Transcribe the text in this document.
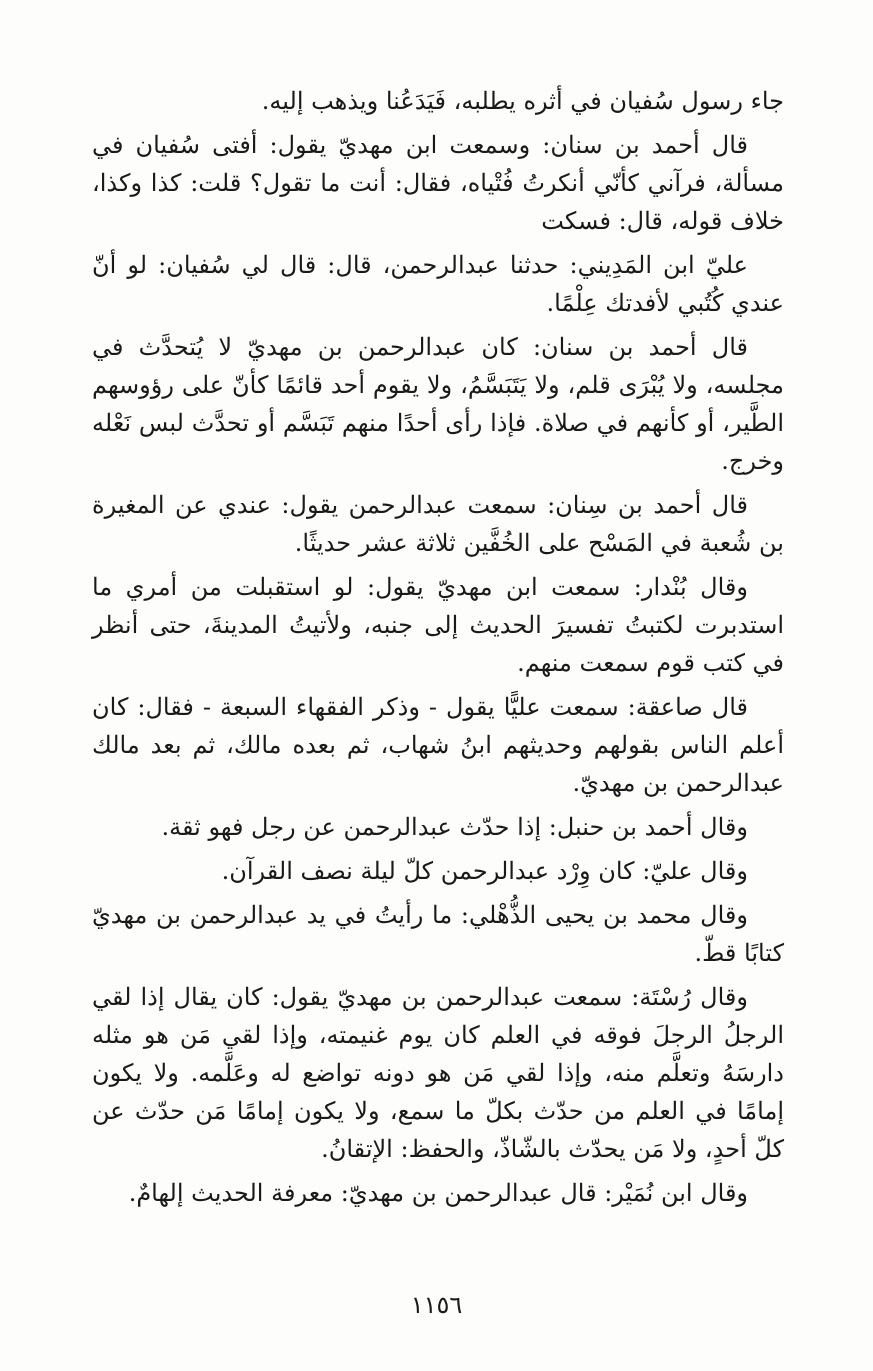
جاء رسول سُفيان في أثره يطلبه، فَيَدَعُنا ويذهب إليه.

قال أحمد بن سنان: وسمعت ابن مهديّ يقول: أفتى سُفيان في مسألة، فرآني كأنّي أنكرتُ فُتْياه، فقال: أنت ما تقول؟ قلت: كذا وكذا، خلاف قوله، قال: فسكت

عليّ ابن المَدِيني: حدثنا عبدالرحمن، قال: قال لي سُفيان: لو أنّ عندي كُتُبي لأفدتك عِلْمًا.

قال أحمد بن سنان: كان عبدالرحمن بن مهديّ لا يُتحدَّث في مجلسه، ولا يُبْرَى قلم، ولا يَتَبَسَّمُ، ولا يقوم أحد قائمًا كأنّ على رؤوسهم الطَّير، أو كأنهم في صلاة. فإذا رأى أحدًا منهم تَبَسَّم أو تحدَّث لبس نَعْله وخرج.

قال أحمد بن سِنان: سمعت عبدالرحمن يقول: عندي عن المغيرة بن شُعبة في المَسْح على الخُفَّين ثلاثة عشر حديثًا.

وقال بُنْدار: سمعت ابن مهديّ يقول: لو استقبلت من أمري ما استدبرت لكتبتُ تفسيرَ الحديث إلى جنبه، ولأتيتُ المدينةَ، حتى أنظر في كتب قوم سمعت منهم.

قال صاعقة: سمعت عليًّا يقول - وذكر الفقهاء السبعة - فقال: كان أعلم الناس بقولهم وحديثهم ابنُ شهاب، ثم بعده مالك، ثم بعد مالك عبدالرحمن بن مهديّ.

وقال أحمد بن حنبل: إذا حدّث عبدالرحمن عن رجل فهو ثقة.

وقال عليّ: كان وِرْد عبدالرحمن كلّ ليلة نصف القرآن.

وقال محمد بن يحيى الذُّهْلي: ما رأيتُ في يد عبدالرحمن بن مهديّ كتابًا قطّ.

وقال رُسْتَة: سمعت عبدالرحمن بن مهديّ يقول: كان يقال إذا لقي الرجلُ الرجلَ فوقه في العلم كان يوم غنيمته، وإذا لقي مَن هو مثله دارسَهُ وتعلَّم منه، وإذا لقي مَن هو دونه تواضع له وعَلَّمه. ولا يكون إمامًا في العلم من حدّث بكلّ ما سمع، ولا يكون إمامًا مَن حدّث عن كلّ أحدٍ، ولا مَن يحدّث بالشّاذّ، والحفظ: الإتقانُ.

وقال ابن نُمَيْر: قال عبدالرحمن بن مهديّ: معرفة الحديث إلهامٌ.

١١٥٦
